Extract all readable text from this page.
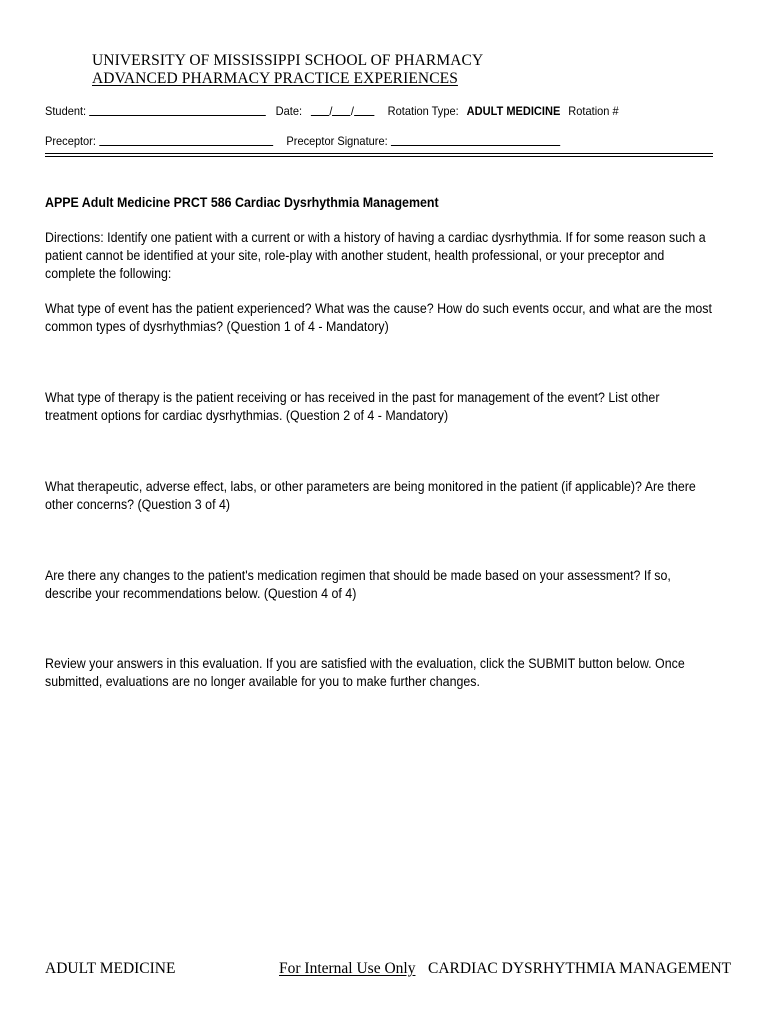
UNIVERSITY OF MISSISSIPPI SCHOOL OF PHARMACY
ADVANCED PHARMACY PRACTICE EXPERIENCES
Student:	Date: / /	Rotation Type: ADULT MEDICINE Rotation #
Preceptor:	Preceptor Signature:
APPE Adult Medicine PRCT 586 Cardiac Dysrhythmia Management
Directions: Identify one patient with a current or with a history of having a cardiac dysrhythmia. If for some reason such a patient cannot be identified at your site, role-play with another student, health professional, or your preceptor and complete the following:
What type of event has the patient experienced? What was the cause? How do such events occur, and what are the most common types of dysrhythmias? (Question 1 of 4 - Mandatory)
What type of therapy is the patient receiving or has received in the past for management of the event? List other treatment options for cardiac dysrhythmias. (Question 2 of 4 - Mandatory)
What therapeutic, adverse effect, labs, or other parameters are being monitored in the patient (if applicable)? Are there other concerns? (Question 3 of 4)
Are there any changes to the patient's medication regimen that should be made based on your assessment? If so, describe your recommendations below. (Question 4 of 4)
Review your answers in this evaluation. If you are satisfied with the evaluation, click the SUBMIT button below. Once submitted, evaluations are no longer available for you to make further changes.
ADULT MEDICINE	For Internal Use Only CARDIAC DYSRHYTHMIA MANAGEMENT
